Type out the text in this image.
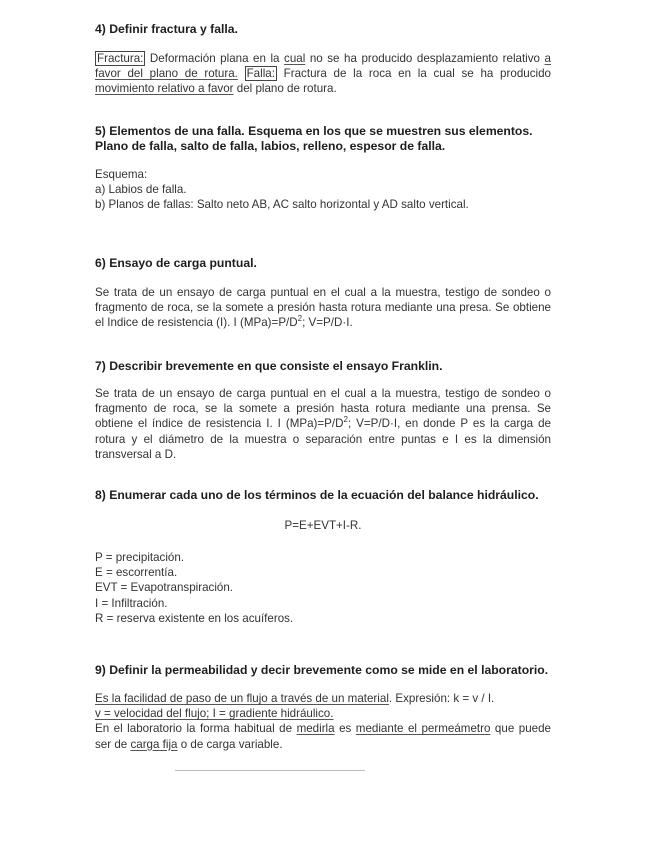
4) Definir fractura y falla.

Fractura: Deformación plana en la cual no se ha producido desplazamiento relativo a favor del plano de rotura. Falla: Fractura de la roca en la cual se ha producido movimiento relativo a favor del plano de rotura.

5) Elementos de una falla. Esquema en los que se muestren sus elementos.

Plano de falla, salto de falla, labios, relleno, espesor de falla.

Esquema:

a) Labios de falla.

b) Planos de fallas: Salto neto AB, AC salto horizontal y AD salto vertical.

6) Ensayo de carga puntual.

Se trata de un ensayo de carga puntual en el cual a la muestra, testigo de sondeo o fragmento de roca, se la somete a presión hasta rotura mediante una presa. Se obtiene el Indice de resistencia (I). I $(MPa)=P/D^2$; V=P/D·I.

7) Describir brevemente en que consiste el ensayo Franklin.

Se trata de un ensayo de carga puntual en el cual a la muestra, testigo de sondeo o fragmento de roca, se la somete a presión hasta rotura mediante una prensa. Se obtiene el índice de resistencia I. I $(MPa)=P/D^2$; V=P/D·I, en donde P es la carga de rotura y el diámetro de la muestra o separación entre puntas e I es la dimensión transversal a D.

8) Enumerar cada uno de los términos de la ecuación del balance hidráulico.

P=E+EVT+I-R.

P = precipitación.

E = escorrentía.

EVT = Evapotranspiración.

I = Infiltración.

R = reserva existente en los acuíferos.

9) Definir la permeabilidad y decir brevemente como se mide en el laboratorio.

Es la facilidad de paso de un flujo a través de un material. Expresión: k = v / I.

v = velocidad del flujo; I = gradiente hidráulico.

En el laboratorio la forma habitual de medirla es mediante el permeámetro que puede ser de carga fija o de carga variable.
